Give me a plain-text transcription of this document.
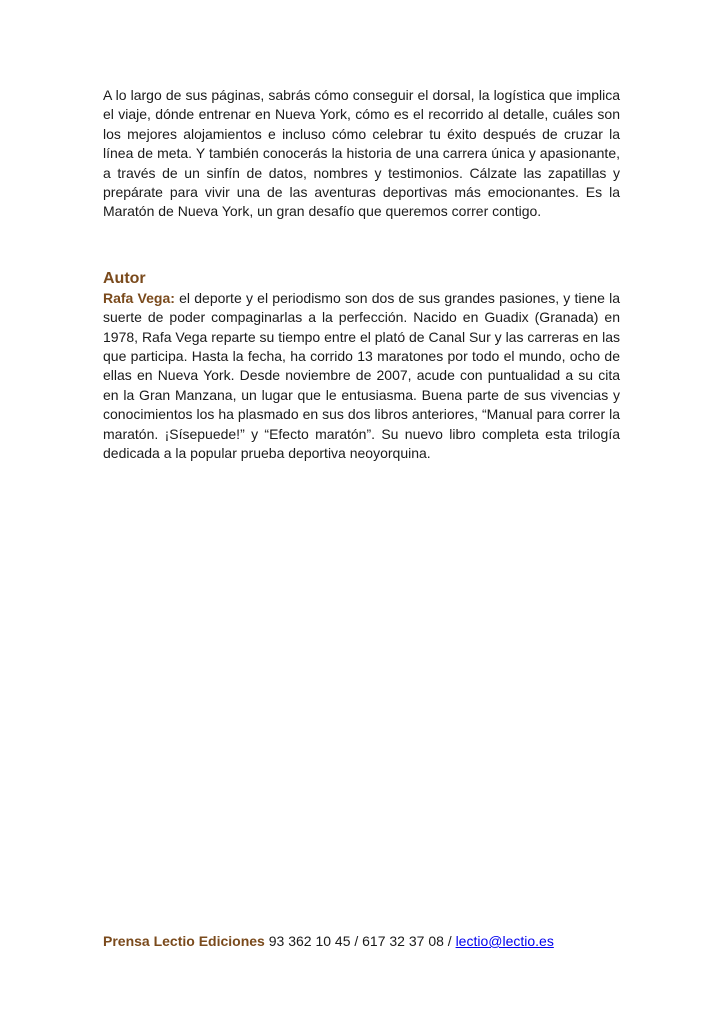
A lo largo de sus páginas, sabrás cómo conseguir el dorsal, la logística que implica el viaje, dónde entrenar en Nueva York, cómo es el recorrido al detalle, cuáles son los mejores alojamientos e incluso cómo celebrar tu éxito después de cruzar la línea de meta. Y también conocerás la historia de una carrera única y apasionante, a través de un sinfín de datos, nombres y testimonios. Cálzate las zapatillas y prepárate para vivir una de las aventuras deportivas más emocionantes. Es la Maratón de Nueva York, un gran desafío que queremos correr contigo.

Autor

Rafa Vega: el deporte y el periodismo son dos de sus grandes pasiones, y tiene la suerte de poder compaginarlas a la perfección. Nacido en Guadix (Granada) en 1978, Rafa Vega reparte su tiempo entre el plató de Canal Sur y las carreras en las que participa. Hasta la fecha, ha corrido 13 maratones por todo el mundo, ocho de ellas en Nueva York. Desde noviembre de 2007, acude con puntualidad a su cita en la Gran Manzana, un lugar que le entusiasma. Buena parte de sus vivencias y conocimientos los ha plasmado en sus dos libros anteriores, “Manual para correr la maratón. ¡Sísepuede!” y “Efecto maratón”. Su nuevo libro completa esta trilogía dedicada a la popular prueba deportiva neoyorquina.

Prensa Lectio Ediciones 93 362 10 45 / 617 32 37 08 / lectio@lectio.es
